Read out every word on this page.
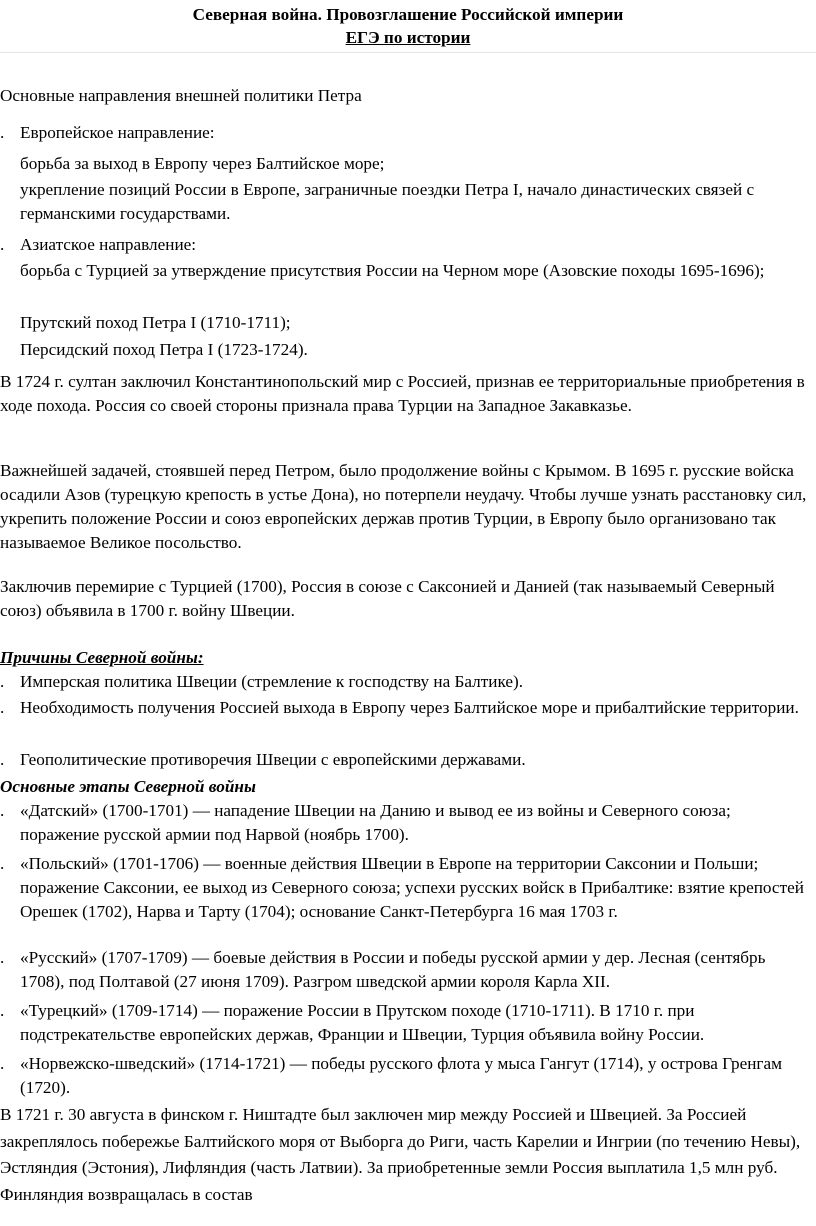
Северная война. Провозглашение Российской империи
ЕГЭ по истории
Основные направления внешней политики Петра
. Европейское направление:
борьба за выход в Европу через Балтийское море;
укрепление позиций России в Европе, заграничные поездки Петра I, начало династических связей с германскими государствами.
. Азиатское направление:
борьба с Турцией за утверждение присутствия России на Черном море (Азовские походы 1695-1696);
Прутский поход Петра I (1710-1711);
Персидский поход Петра I (1723-1724).
В 1724 г. султан заключил Константинопольский мир с Россией, признав ее территориальные приобретения в ходе похода. Россия со своей стороны признала права Турции на Западное Закавказье.
Важнейшей задачей, стоявшей перед Петром, было продолжение войны с Крымом. В 1695 г. русские войска осадили Азов (турецкую крепость в устье Дона), но потерпели неудачу. Чтобы лучше узнать расстановку сил, укрепить положение России и союз европейских держав против Турции, в Европу было организовано так называемое Великое посольство.
Заключив перемирие с Турцией (1700), Россия в союзе с Саксонией и Данией (так называемый Северный союз) объявила в 1700 г. войну Швеции.
Причины Северной войны:
. Имперская политика Швеции (стремление к господству на Балтике).
. Необходимость получения Россией выхода в Европу через Балтийское море и прибалтийские территории.
. Геополитические противоречия Швеции с европейскими державами.
Основные этапы Северной войны
. «Датский» (1700-1701) — нападение Швеции на Данию и вывод ее из войны и Северного союза; поражение русской армии под Нарвой (ноябрь 1700).
. «Польский» (1701-1706) — военные действия Швеции в Европе на территории Саксонии и Польши; поражение Саксонии, ее выход из Северного союза; успехи русских войск в Прибалтике: взятие крепостей Орешек (1702), Нарва и Тарту (1704); основание Санкт-Петербурга 16 мая 1703 г.
. «Русский» (1707-1709) — боевые действия в России и победы русской армии у дер. Лесная (сентябрь 1708), под Полтавой (27 июня 1709). Разгром шведской армии короля Карла XII.
. «Турецкий» (1709-1714) — поражение России в Прутском походе (1710-1711). В 1710 г. при подстрекательстве европейских держав, Франции и Швеции, Турция объявила войну России.
. «Норвежско-шведский» (1714-1721) — победы русского флота у мыса Гангут (1714), у острова Гренгам (1720).
В 1721 г. 30 августа в финском г. Ништадте был заключен мир между Россией и Швецией. За Россией закреплялось побережье Балтийского моря от Выборга до Риги, часть Карелии и Ингрии (по течению Невы), Эстляндия (Эстония), Лифляндия (часть Латвии). За приобретенные земли Россия выплатила 1,5 млн руб. Финляндия возвращалась в состав
